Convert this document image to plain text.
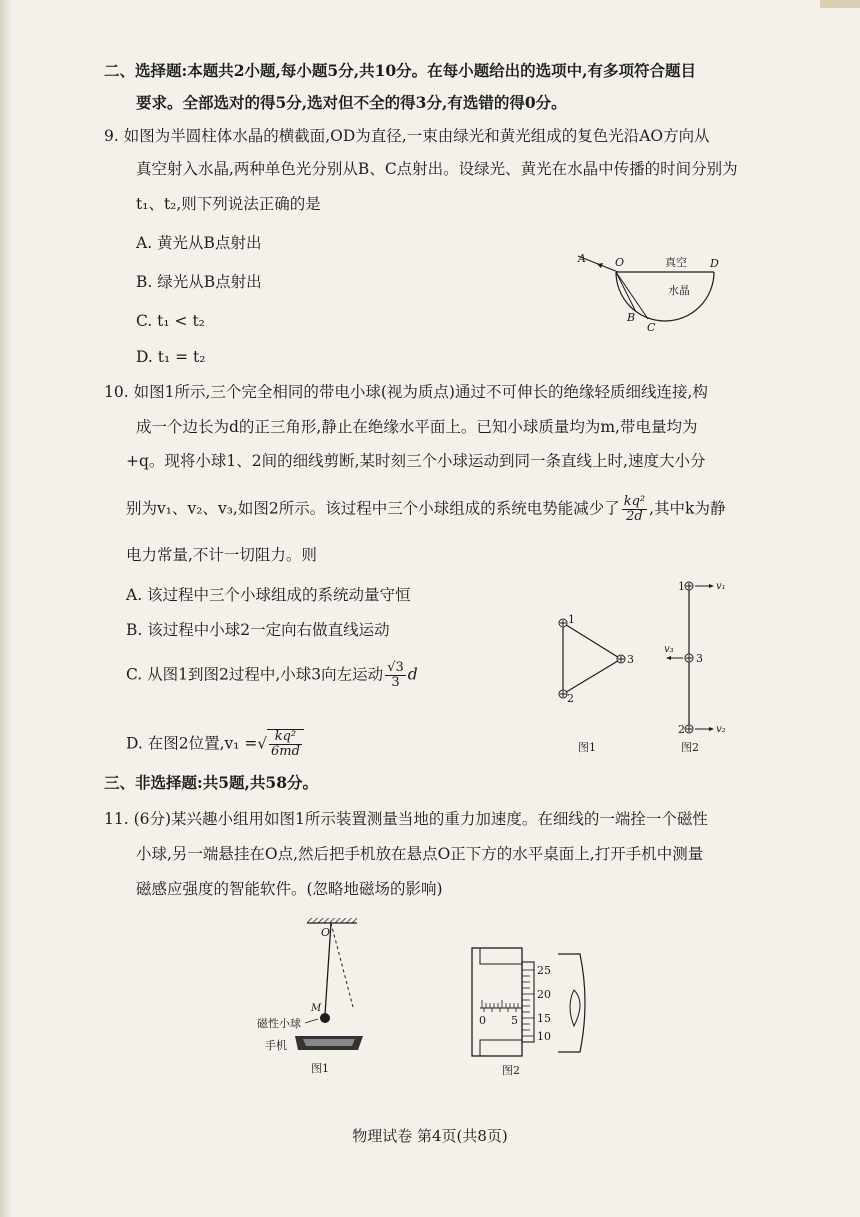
二、选择题:本题共2小题,每小题5分,共10分。在每小题给出的选项中,有多项符合题目
要求。全部选对的得5分,选对但不全的得3分,有选错的得0分。
9. 如图为半圆柱体水晶的横截面,OD为直径,一束由绿光和黄光组成的复色光沿AO方向从
真空射入水晶,两种单色光分别从B、C点射出。设绿光、黄光在水晶中传播的时间分别为
t₁、t₂,则下列说法正确的是
A. 黄光从B点射出
B. 绿光从B点射出
C. t₁ < t₂
D. t₁ = t₂
A	O	D
B
C
真空
水晶
10. 如图1所示,三个完全相同的带电小球(视为质点)通过不可伸长的绝缘轻质细线连接,构
成一个边长为d的正三角形,静止在绝缘水平面上。已知小球质量均为m,带电量均为
+q。现将小球1、2间的细线剪断,某时刻三个小球运动到同一条直线上时,速度大小分
别为v₁、v₂、v₃,如图2所示。该过程中三个小球组成的系统电势能减少了 $\frac{\text{kq²}}{2d}$ ,其中k为静
电力常量,不计一切阻力。则
A. 该过程中三个小球组成的系统动量守恒
B. 该过程中小球2一定向右做直线运动
C. 从图1到图2过程中,小球3向左运动 $\frac{√3}{3}$ d
D. 在图2位置,v₁ =√ $\frac{\text{kq²}}{6md}$
1
2
3
图1
1
2
3
v₁
v₂
v₃
图2
三、非选择题:共5题,共58分。
11. (6分)某兴趣小组用如图1所示装置测量当地的重力加速度。在细线的一端拴一个磁性
小球,另一端悬挂在O点,然后把手机放在悬点O正下方的水平桌面上,打开手机中测量
磁感应强度的智能软件。(忽略地磁场的影响)
O
M
磁性小球
手机
图1
0 5
25
20
15
10
图2
物理试卷 第4页(共8页)
